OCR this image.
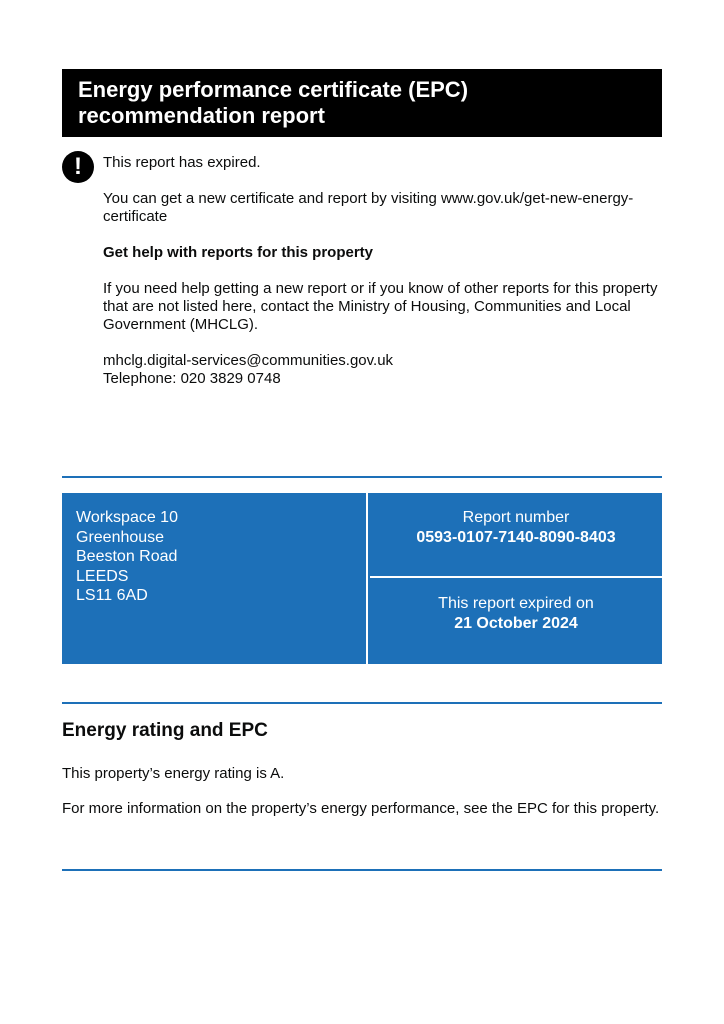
Energy performance certificate (EPC)
recommendation report
!	This report has expired.

You can get a new certificate and report by visiting www.gov.uk/get-new-energy-certificate

Get help with reports for this property

If you need help getting a new report or if you know of other reports for this property that are not listed here, contact the Ministry of Housing, Communities and Local Government (MHCLG).

mhclg.digital-services@communities.gov.uk
Telephone: 020 3829 0748

Workspace 10
Greenhouse
Beeston Road
LEEDS
LS11 6AD
Report number
0593-0107-7140-8090-8403
This report expired on
21 October 2024
Energy rating and EPC

This property’s energy rating is A.

For more information on the property’s energy performance, see the EPC for this property.
